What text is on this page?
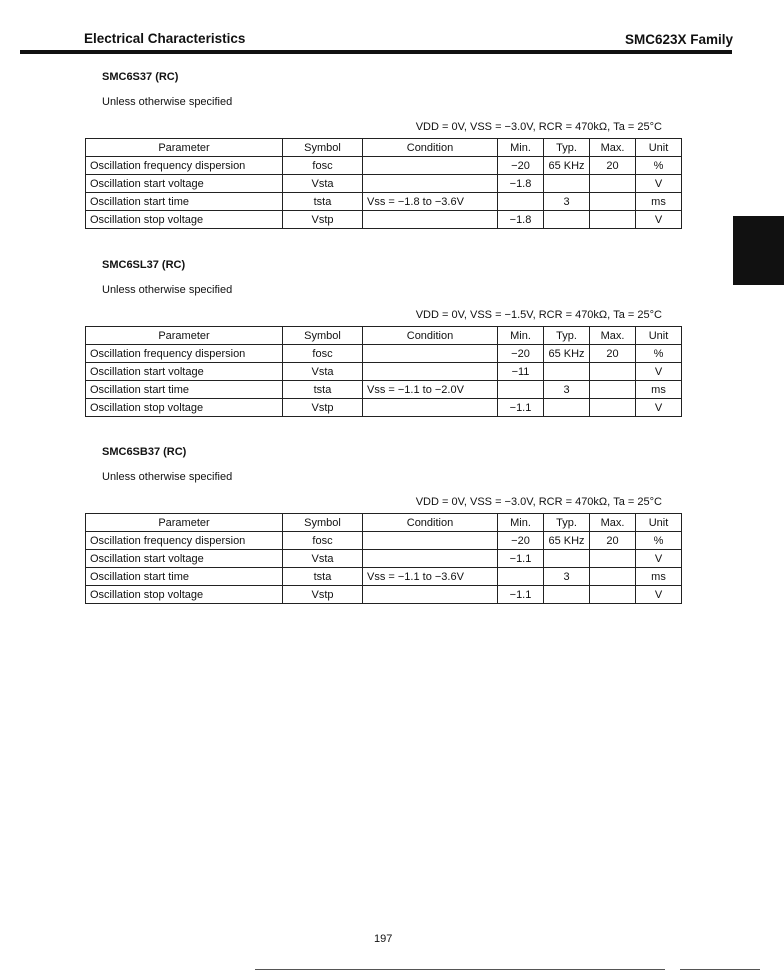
Electrical Characteristics	SMC623X Family
SMC6S37 (RC)
Unless otherwise specified
VDD = 0V, VSS = −3.0V, RCR = 470kΩ, Ta = 25°C
Parameter	Symbol	Condition	Min.	Typ.	Max.	Unit
Oscillation frequency dispersion	fosc		−20	65 KHz	20	%
Oscillation start voltage	Vsta		−1.8			V
Oscillation start time	tsta	Vss = −1.8 to −3.6V		3		ms
Oscillation stop voltage	Vstp		−1.8			V
SMC6SL37 (RC)
Unless otherwise specified
VDD = 0V, VSS = −1.5V, RCR = 470kΩ, Ta = 25°C
Parameter	Symbol	Condition	Min.	Typ.	Max.	Unit
Oscillation frequency dispersion	fosc		−20	65 KHz	20	%
Oscillation start voltage	Vsta		−11			V
Oscillation start time	tsta	Vss = −1.1 to −2.0V		3		ms
Oscillation stop voltage	Vstp		−1.1			V
SMC6SB37 (RC)
Unless otherwise specified
VDD = 0V, VSS = −3.0V, RCR = 470kΩ, Ta = 25°C
Parameter	Symbol	Condition	Min.	Typ.	Max.	Unit
Oscillation frequency dispersion	fosc		−20	65 KHz	20	%
Oscillation start voltage	Vsta		−1.1			V
Oscillation start time	tsta	Vss = −1.1 to −3.6V		3		ms
Oscillation stop voltage	Vstp		−1.1			V
197
